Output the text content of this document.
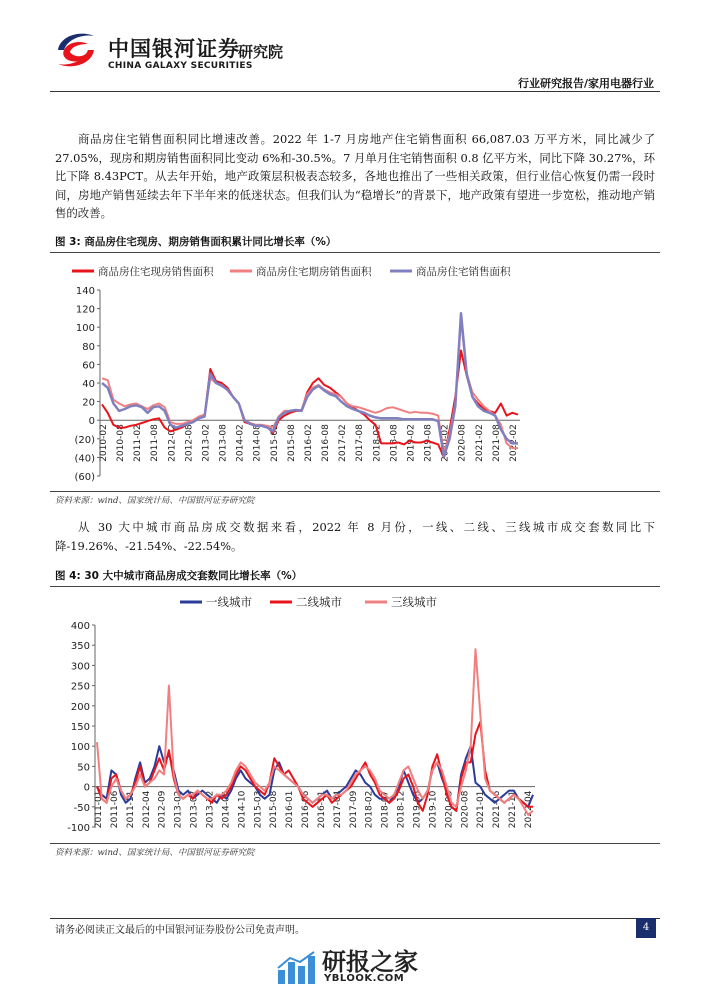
中国银河证券
CHINA GALAXY SECURITIES
研究院
行业研究报告/家用电器行业
商品房住宅销售面积同比增速改善。2022 年 1-7 月房地产住宅销售面积 66,087.03 万平方米，同比减少了 27.05%，现房和期房销售面积同比变动 6%和-30.5%。7 月单月住宅销售面积 0.8 亿平方米，同比下降 30.27%，环比下降 8.43PCT。从去年开始，地产政策层积极表态较多，各地也推出了一些相关政策，但行业信心恢复仍需一段时间，房地产销售延续去年下半年来的低迷状态。但我们认为“稳增长”的背景下，地产政策有望进一步宽松，推动地产销售的改善。
图 3: 商品房住宅现房、期房销售面积累计同比增长率（%）
140
120
100
80
60
40
20
0
(20)
(40)
(60)
2010-02 2010-08 2011-02 2011-08 2012-02 2012-08 2013-02 2013-08 2014-02 2014-08 2015-02 2015-08 2016-02 2016-08 2017-02 2017-08 2018-02 2018-08 2019-02 2019-08 2020-02 2020-08 2021-02 2021-08 2022-02
商品房住宅现房销售面积	商品房住宅期房销售面积	商品房住宅销售面积
资料来源：wind、国家统计局、中国银河证券研究院
从 30 大中城市商品房成交数据来看，2022 年 8 月份，一线、二线、三线城市成交套数同比下降-19.26%、-21.54%、-22.54%。
图 4: 30 大中城市商品房成交套数同比增长率（%）
400
350
300
250
200
150
100
50
0
-50
-100
2011-01 2011-06 2011-11 2012-04 2012-09 2013-02 2013-07 2013-12 2014-05 2014-10 2015-03 2015-08 2016-01 2016-06 2016-11 2017-04 2017-09 2018-02 2018-07 2018-12 2019-05 2019-10 2020-03 2020-08 2021-01 2021-06 2021-11 2022-04
一线城市	二线城市	三线城市
资料来源：wind、国家统计局、中国银河证券研究院
请务必阅读正文最后的中国银河证券股份公司免责声明。	4
研报之家
YBLOOK.COM
